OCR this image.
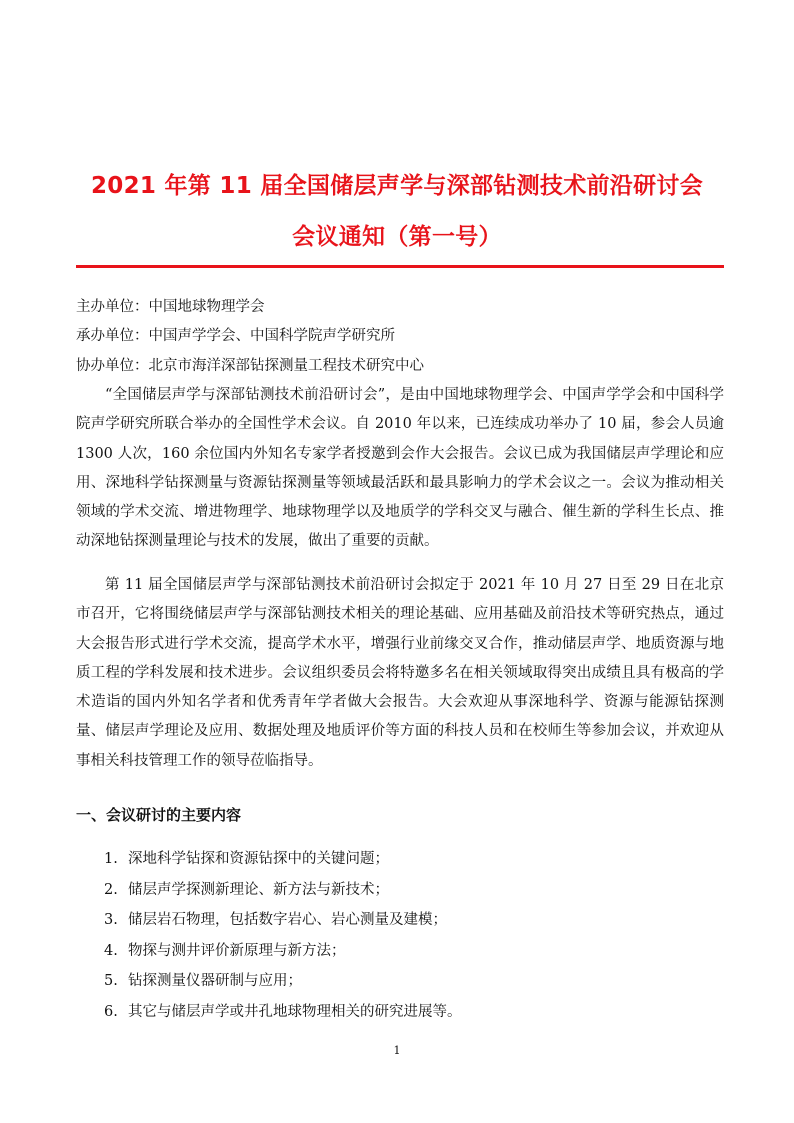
2021 年第 11 届全国储层声学与深部钻测技术前沿研讨会
会议通知（第一号）
主办单位：中国地球物理学会
承办单位：中国声学学会、中国科学院声学研究所
协办单位：北京市海洋深部钻探测量工程技术研究中心
“全国储层声学与深部钻测技术前沿研讨会”，是由中国地球物理学会、中国声学学会和中国科学院声学研究所联合举办的全国性学术会议。自 2010 年以来，已连续成功举办了 10 届，参会人员逾 1300 人次，160 余位国内外知名专家学者授邀到会作大会报告。会议已成为我国储层声学理论和应用、深地科学钻探测量与资源钻探测量等领域最活跃和最具影响力的学术会议之一。会议为推动相关领域的学术交流、增进物理学、地球物理学以及地质学的学科交叉与融合、催生新的学科生长点、推动深地钻探测量理论与技术的发展，做出了重要的贡献。
第 11 届全国储层声学与深部钻测技术前沿研讨会拟定于 2021 年 10 月 27 日至 29 日在北京市召开，它将围绕储层声学与深部钻测技术相关的理论基础、应用基础及前沿技术等研究热点，通过大会报告形式进行学术交流，提高学术水平，增强行业前缘交叉合作，推动储层声学、地质资源与地质工程的学科发展和技术进步。会议组织委员会将特邀多名在相关领域取得突出成绩且具有极高的学术造诣的国内外知名学者和优秀青年学者做大会报告。大会欢迎从事深地科学、资源与能源钻探测量、储层声学理论及应用、数据处理及地质评价等方面的科技人员和在校师生等参加会议，并欢迎从事相关科技管理工作的领导莅临指导。
一、会议研讨的主要内容
1. 深地科学钻探和资源钻探中的关键问题；
2. 储层声学探测新理论、新方法与新技术；
3. 储层岩石物理，包括数字岩心、岩心测量及建模；
4. 物探与测井评价新原理与新方法；
5. 钻探测量仪器研制与应用；
6. 其它与储层声学或井孔地球物理相关的研究进展等。
1
